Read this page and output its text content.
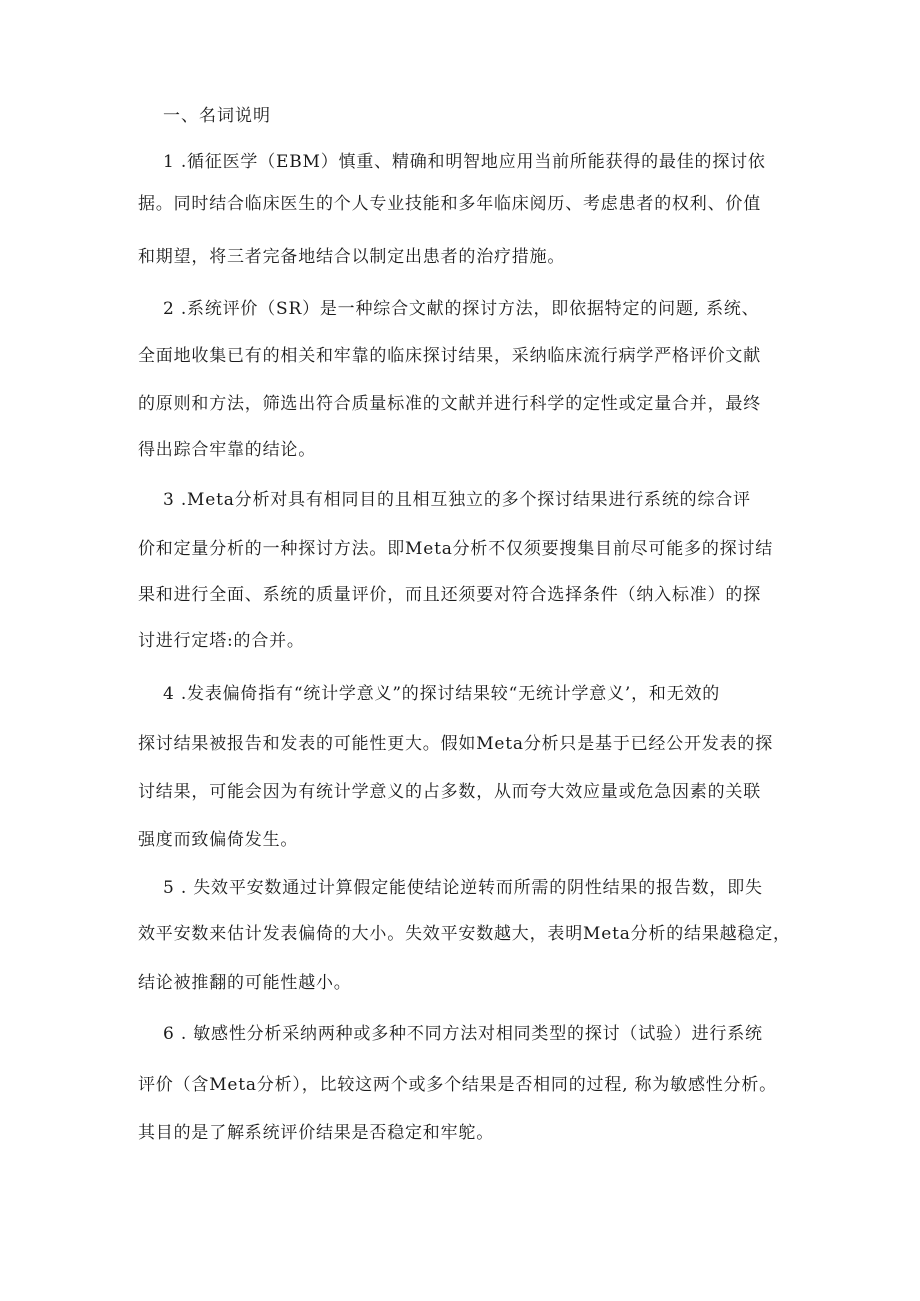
一、名词说明
1 .循征医学（EBM）慎重、精确和明智地应用当前所能获得的最佳的探讨依
据。同时结合临床医生的个人专业技能和多年临床阅历、考虑患者的权利、价值
和期望，将三者完备地结合以制定出患者的治疗措施。
2 .系统评价（SR）是一种综合文献的探讨方法，即依据特定的问题, 系统、
全面地收集已有的相关和牢靠的临床探讨结果，采纳临床流行病学严格评价文献
的原则和方法，筛选出符合质量标准的文献并进行科学的定性或定量合并，最终
得出踪合牢靠的结论。
3 .Meta分析对具有相同目的且相互独立的多个探讨结果进行系统的综合评
价和定量分析的一种探讨方法。即Meta分析不仅须要搜集目前尽可能多的探讨结
果和进行全面、系统的质量评价，而且还须要对符合选择条件（纳入标准）的探
讨进行定塔:的合并。
4 .发表偏倚指有“统计学意义”的探讨结果较“无统计学意义’，和无效的
探讨结果被报告和发表的可能性更大。假如Meta分析只是基于已经公开发表的探
讨结果，可能会因为有统计学意义的占多数，从而夸大效应量或危急因素的关联
强度而致偏倚发生。
5 . 失效平安数通过计算假定能使结论逆转而所需的阴性结果的报告数，即失
效平安数来估计发表偏倚的大小。失效平安数越大，表明Meta分析的结果越稳定，
结论被推翻的可能性越小。
6 . 敏感性分析采纳两种或多种不同方法对相同类型的探讨（试验）进行系统
评价（含Meta分析），比较这两个或多个结果是否相同的过程, 称为敏感性分析。
其目的是了解系统评价结果是否稳定和牢鸵。
